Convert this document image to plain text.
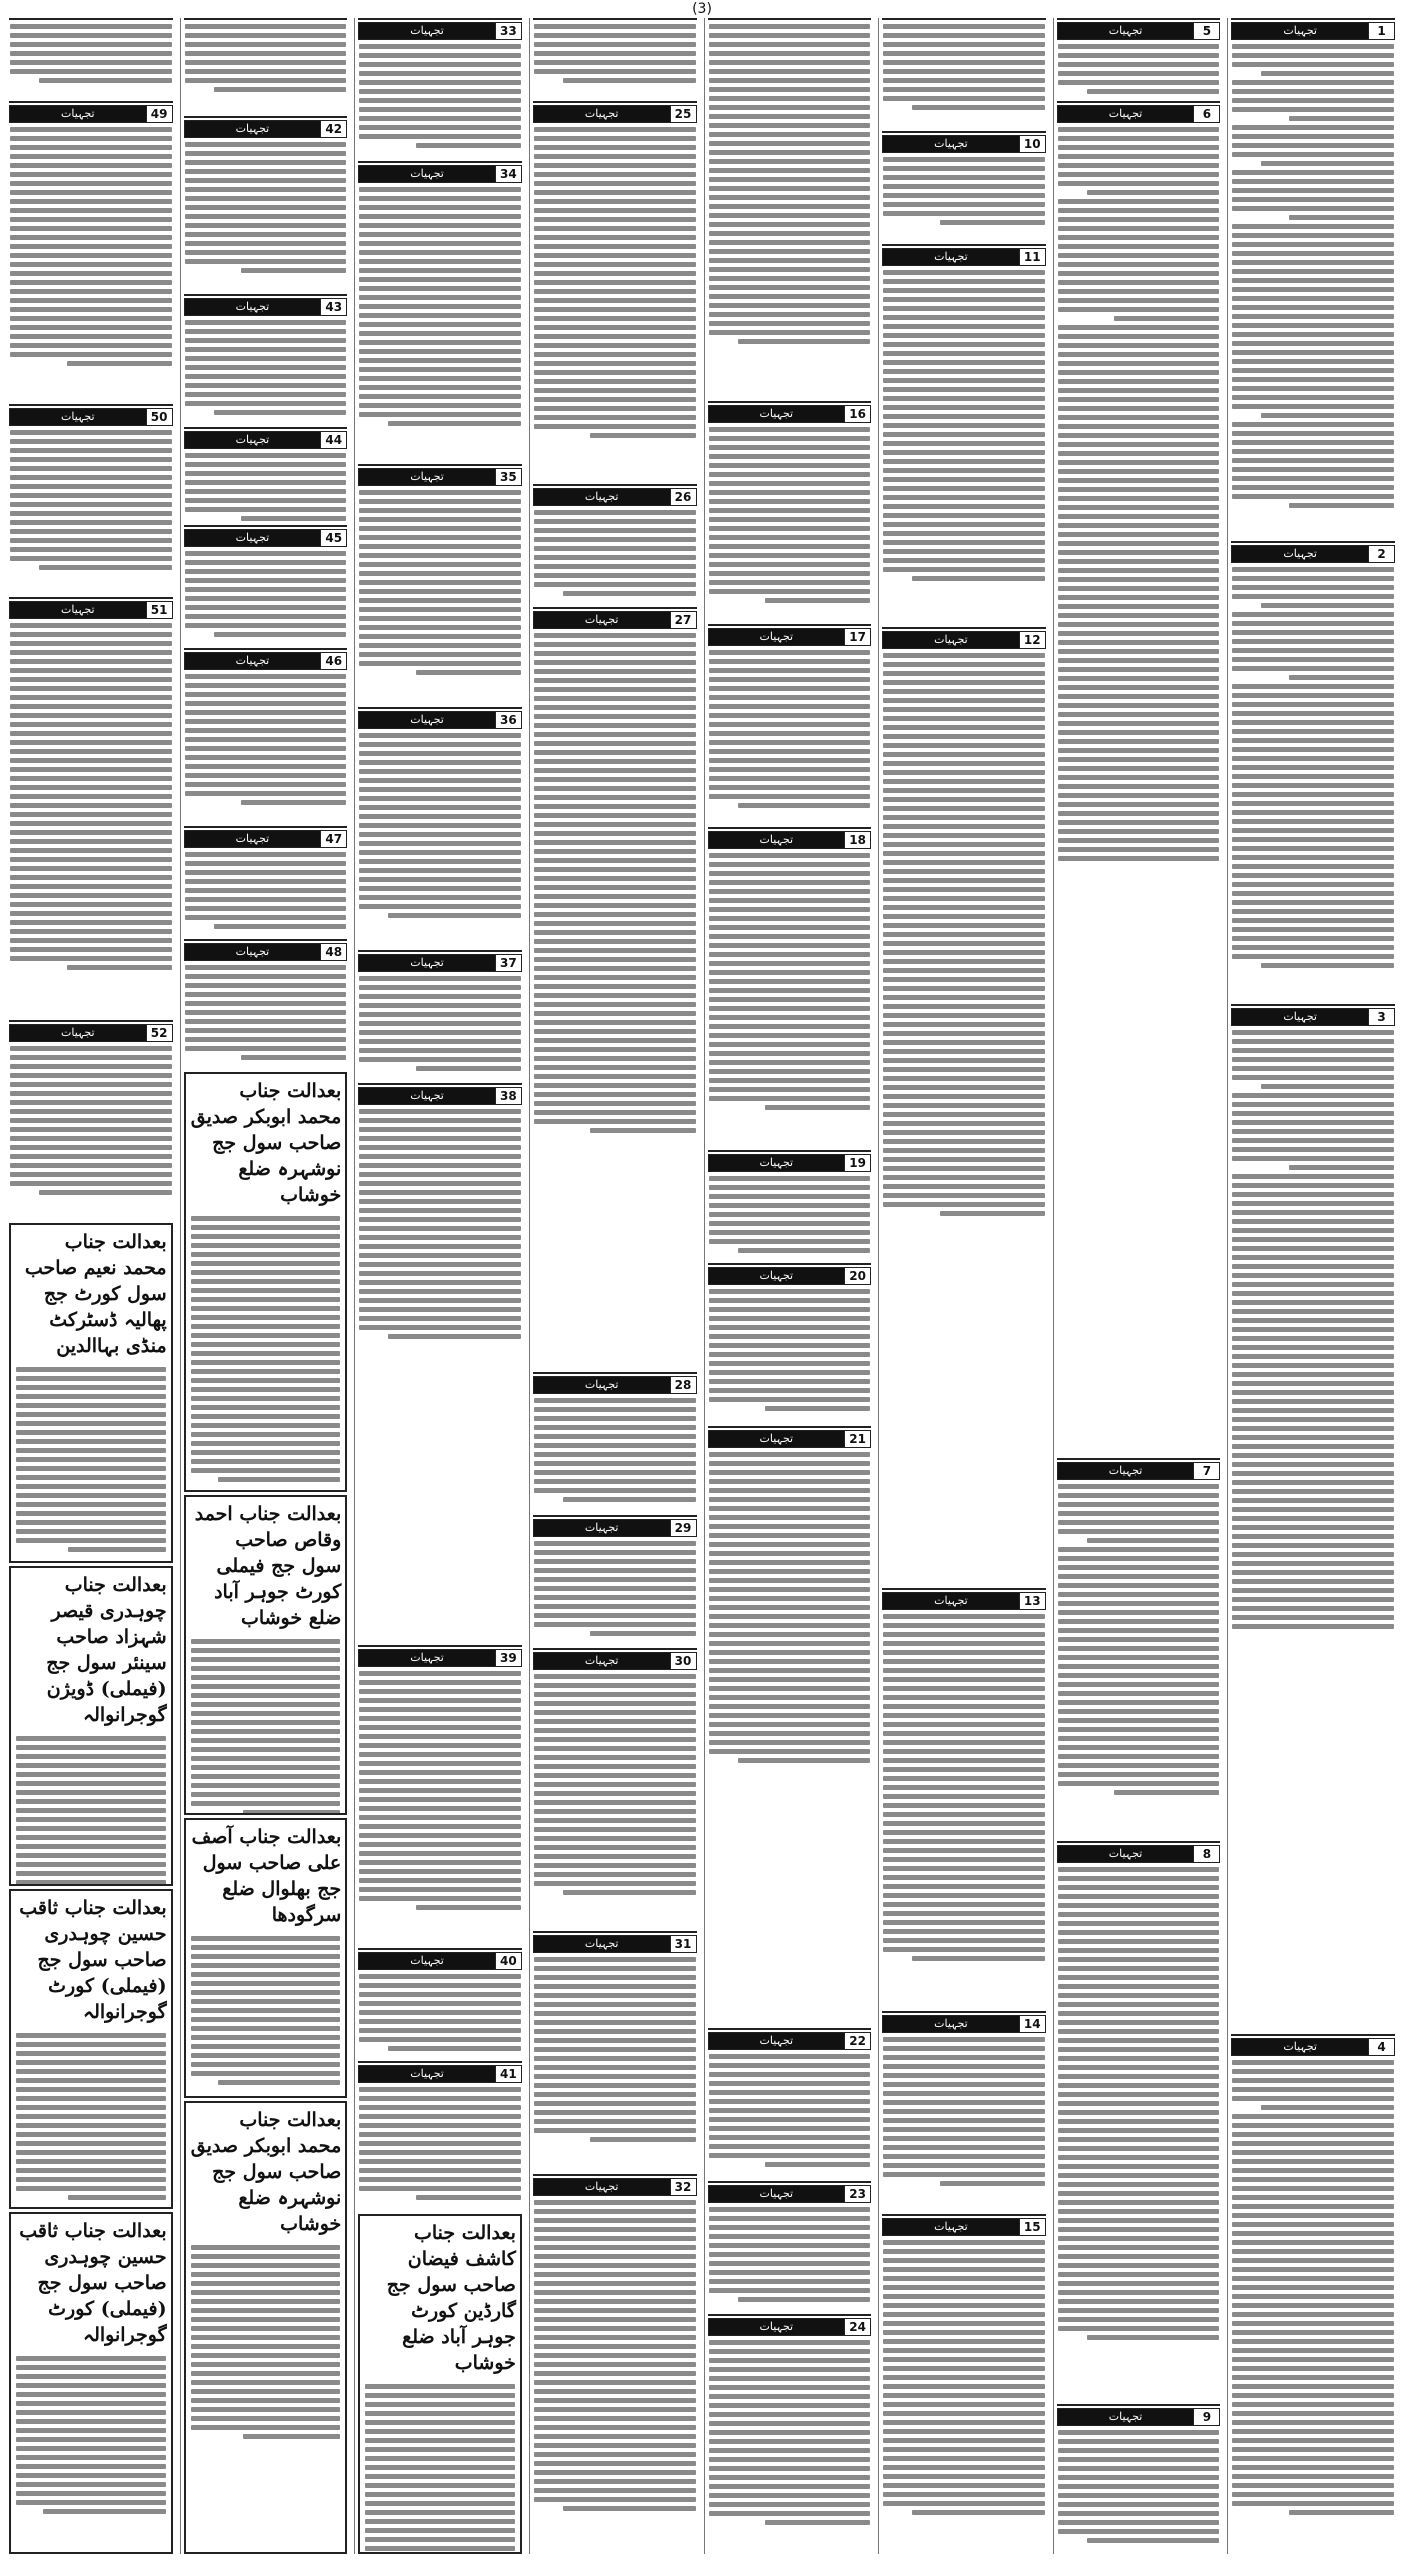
(3)
1
تجہیات
2
تجہیات
3
تجہیات
4
تجہیات
5
تجہیات
6
تجہیات
7
تجہیات
8
تجہیات
9
تجہیات
10
تجہیات
11
تجہیات
12
تجہیات
13
تجہیات
14
تجہیات
15
تجہیات
16
تجہیات
17
تجہیات
18
تجہیات
19
تجہیات
20
تجہیات
21
تجہیات
22
تجہیات
23
تجہیات
24
تجہیات
25
تجہیات
26
تجہیات
27
تجہیات
28
تجہیات
29
تجہیات
30
تجہیات
31
تجہیات
32
تجہیات
33
تجہیات
34
تجہیات
35
تجہیات
36
تجہیات
37
تجہیات
38
تجہیات
39
تجہیات
40
تجہیات
41
تجہیات
بعدالت جناب کاشف فیضان صاحب سول جج گارڈین کورٹ جوہر آباد ضلع خوشاب
42
تجہیات
43
تجہیات
44
تجہیات
45
تجہیات
46
تجہیات
47
تجہیات
48
تجہیات
بعدالت جناب محمد ابوبکر صدیق صاحب سول جج نوشہرہ ضلع خوشاب
بعدالت جناب احمد وقاص صاحب سول جج فیملی کورٹ جوہر آباد ضلع خوشاب
بعدالت جناب آصف علی صاحب سول جج بھلوال ضلع سرگودھا
بعدالت جناب محمد ابوبکر صدیق صاحب سول جج نوشہرہ ضلع خوشاب
49
تجہیات
50
تجہیات
51
تجہیات
52
تجہیات
بعدالت جناب محمد نعیم صاحب سول کورٹ جج پھالیہ ڈسٹرکٹ منڈی بہاالدین
بعدالت جناب چوہدری قیصر شہزاد صاحب سینئر سول جج (فیملی) ڈویژن گوجرانوالہ
بعدالت جناب ثاقب حسین چوہدری صاحب سول جج (فیملی) کورٹ گوجرانوالہ
بعدالت جناب ثاقب حسین چوہدری صاحب سول جج (فیملی) کورٹ گوجرانوالہ
